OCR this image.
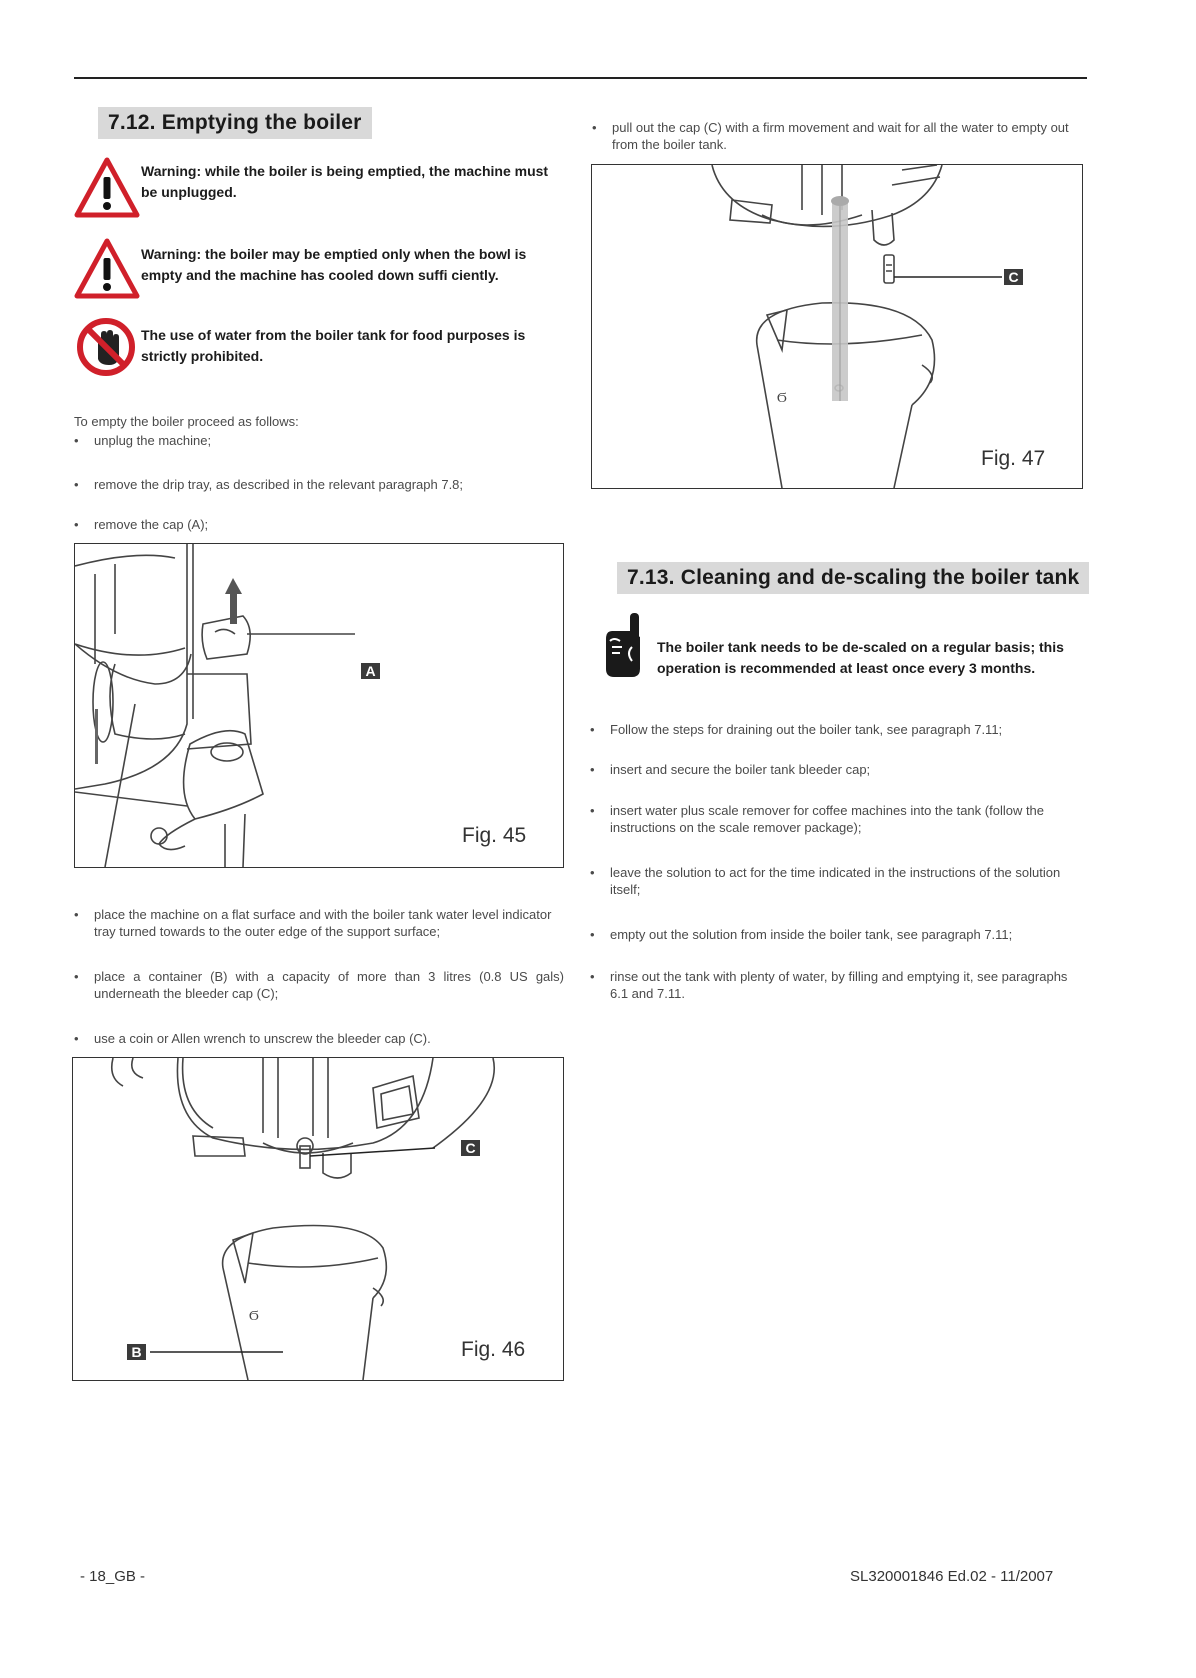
7.12. Emptying the boiler
Warning: while the boiler is being emptied, the machine must be unplugged.
Warning: the boiler may be emptied only when the bowl is empty and the machine has cooled down suffi ciently.
The use of water from the boiler tank for food purposes is strictly prohibited.
To empty the boiler proceed as follows:
• unplug the machine;
• remove the drip tray, as described in the relevant paragraph 7.8;
• remove the cap (A);
A
Fig. 45
• place the machine on a flat surface and with the boiler tank water level indicator tray turned towards to the outer edge of the support surface;
• place a container (B) with a capacity of more than 3 litres (0.8 US gals) underneath the bleeder cap (C);
• use a coin or Allen wrench to unscrew the bleeder cap (C).
Ϭ
C
B	Fig. 46
• pull out the cap (C) with a firm movement and wait for all the water to empty out from the boiler tank.
Ϭ
C
Fig. 47
7.13. Cleaning and de-scaling the boiler tank
The boiler tank needs to be de-scaled on a regular basis; this operation is recommended at least once every 3 months.
• Follow the steps for draining out the boiler tank, see paragraph 7.11;
• insert and secure the boiler tank bleeder cap;
• insert water plus scale remover for coffee machines into the tank (follow the instructions on the scale remover package);
• leave the solution to act for the time indicated in the instructions of the solution itself;
• empty out the solution from inside the boiler tank, see paragraph 7.11;
• rinse out the tank with plenty of water, by filling and emptying it, see paragraphs 6.1 and 7.11.
- 18_GB -	SL320001846 Ed.02 - 11/2007
